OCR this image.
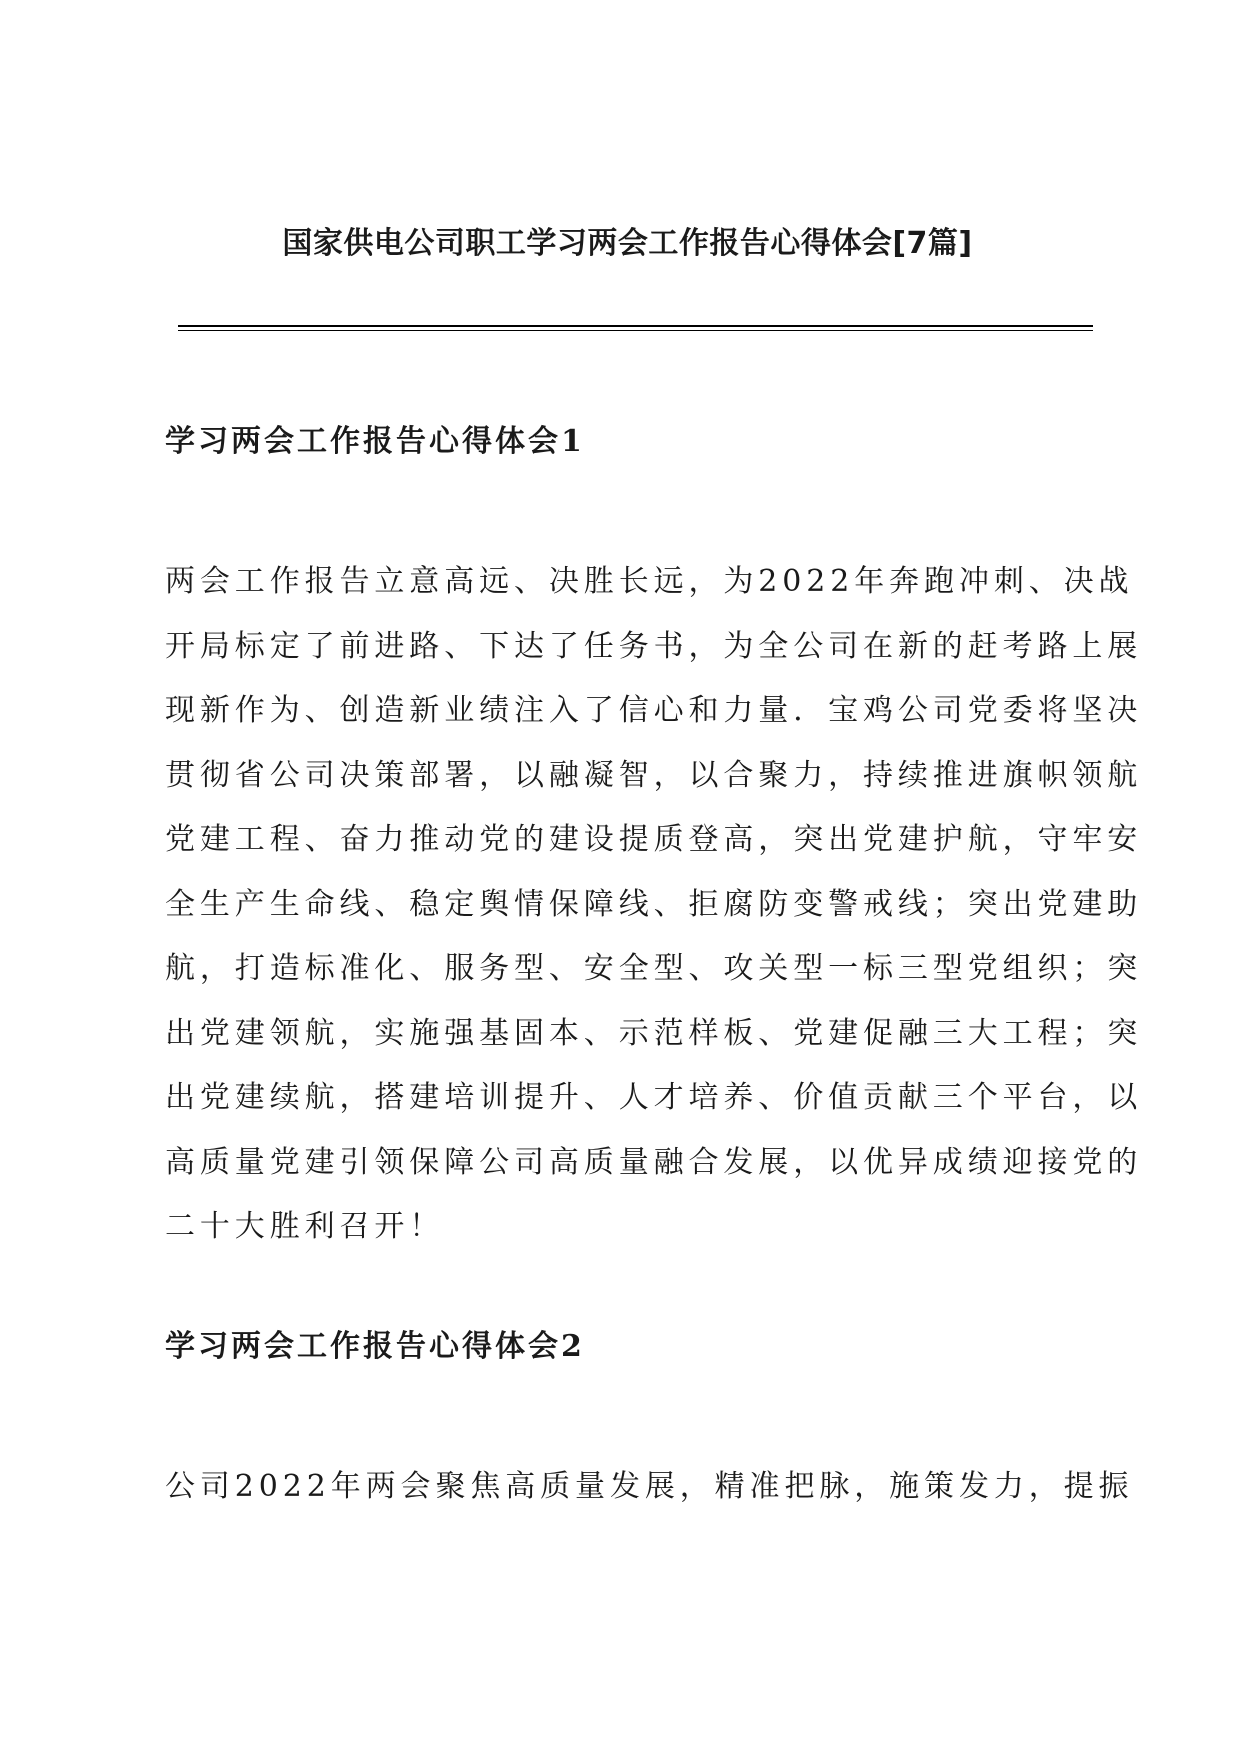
国家供电公司职工学习两会工作报告心得体会[7篇]
学习两会工作报告心得体会1
两会工作报告立意高远、决胜长远，为2022年奔跑冲刺、决战
开局标定了前进路、下达了任务书，为全公司在新的赶考路上展
现新作为、创造新业绩注入了信心和力量．宝鸡公司党委将坚决
贯彻省公司决策部署，以融凝智，以合聚力，持续推进旗帜领航
党建工程、奋力推动党的建设提质登高，突出党建护航，守牢安
全生产生命线、稳定舆情保障线、拒腐防变警戒线；突出党建助
航，打造标准化、服务型、安全型、攻关型一标三型党组织；突
出党建领航，实施强基固本、示范样板、党建促融三大工程；突
出党建续航，搭建培训提升、人才培养、价值贡献三个平台，以
高质量党建引领保障公司高质量融合发展，以优异成绩迎接党的
二十大胜利召开！
学习两会工作报告心得体会2
公司2022年两会聚焦高质量发展，精准把脉，施策发力，提振
